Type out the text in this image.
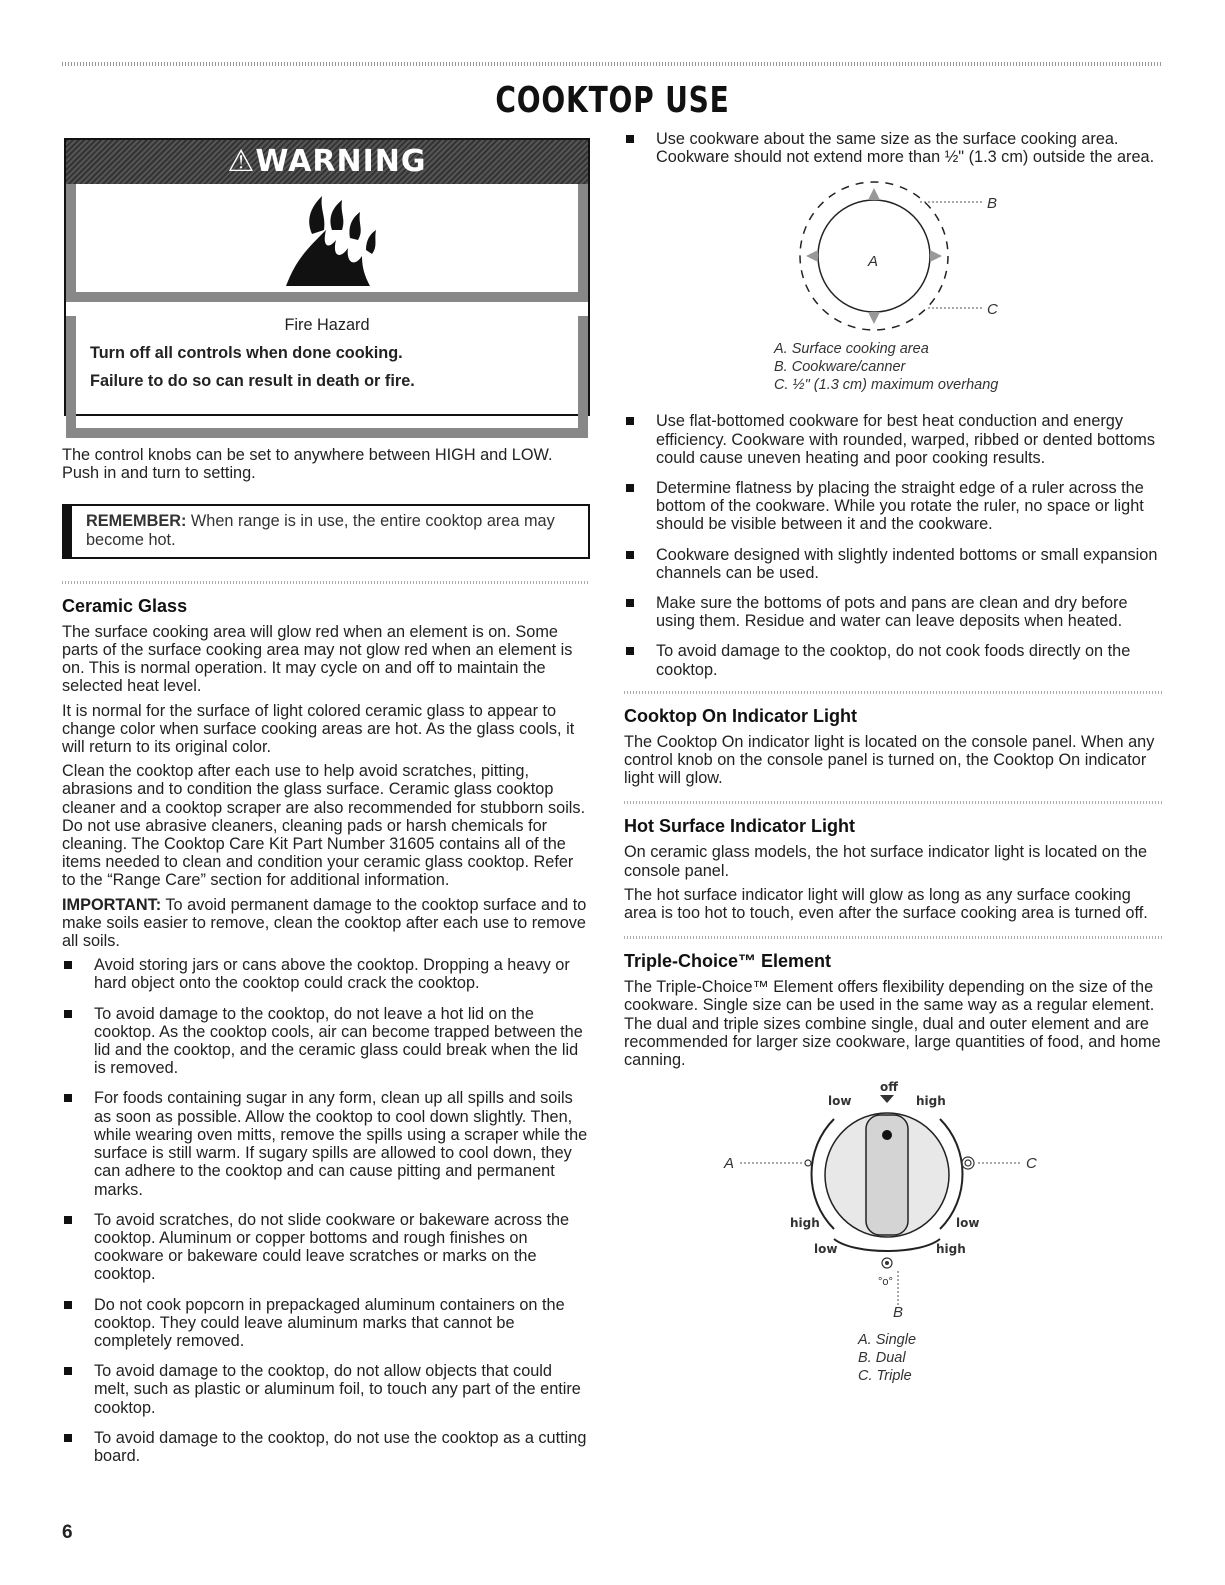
COOKTOP USE
⚠WARNING
Fire Hazard
Turn off all controls when done cooking.
Failure to do so can result in death or fire.

The control knobs can be set to anywhere between HIGH and LOW. Push in and turn to setting.

REMEMBER: When range is in use, the entire cooktop area may become hot.

Ceramic Glass

The surface cooking area will glow red when an element is on. Some parts of the surface cooking area may not glow red when an element is on. This is normal operation. It may cycle on and off to maintain the selected heat level.

It is normal for the surface of light colored ceramic glass to appear to change color when surface cooking areas are hot. As the glass cools, it will return to its original color.

Clean the cooktop after each use to help avoid scratches, pitting, abrasions and to condition the glass surface. Ceramic glass cooktop cleaner and a cooktop scraper are also recommended for stubborn soils. Do not use abrasive cleaners, cleaning pads or harsh chemicals for cleaning. The Cooktop Care Kit Part Number 31605 contains all of the items needed to clean and condition your ceramic glass cooktop. Refer to the “Range Care” section for additional information.

IMPORTANT: To avoid permanent damage to the cooktop surface and to make soils easier to remove, clean the cooktop after each use to remove all soils.

Avoid storing jars or cans above the cooktop. Dropping a heavy or hard object onto the cooktop could crack the cooktop.
To avoid damage to the cooktop, do not leave a hot lid on the cooktop. As the cooktop cools, air can become trapped between the lid and the cooktop, and the ceramic glass could break when the lid is removed.
For foods containing sugar in any form, clean up all spills and soils as soon as possible. Allow the cooktop to cool down slightly. Then, while wearing oven mitts, remove the spills using a scraper while the surface is still warm. If sugary spills are allowed to cool down, they can adhere to the cooktop and can cause pitting and permanent marks.
To avoid scratches, do not slide cookware or bakeware across the cooktop. Aluminum or copper bottoms and rough finishes on cookware or bakeware could leave scratches or marks on the cooktop.
Do not cook popcorn in prepackaged aluminum containers on the cooktop. They could leave aluminum marks that cannot be completely removed.
To avoid damage to the cooktop, do not allow objects that could melt, such as plastic or aluminum foil, to touch any part of the entire cooktop.
To avoid damage to the cooktop, do not use the cooktop as a cutting board.
Use cookware about the same size as the surface cooking area. Cookware should not extend more than ½" (1.3 cm) outside the area.
A
B
C
A. Surface cooking area
B. Cookware/canner
C. ½" (1.3 cm) maximum overhang
Use flat-bottomed cookware for best heat conduction and energy efficiency. Cookware with rounded, warped, ribbed or dented bottoms could cause uneven heating and poor cooking results.
Determine flatness by placing the straight edge of a ruler across the bottom of the cookware. While you rotate the ruler, no space or light should be visible between it and the cookware.
Cookware designed with slightly indented bottoms or small expansion channels can be used.
Make sure the bottoms of pots and pans are clean and dry before using them. Residue and water can leave deposits when heated.
To avoid damage to the cooktop, do not cook foods directly on the cooktop.
Cooktop On Indicator Light

The Cooktop On indicator light is located on the console panel. When any control knob on the console panel is turned on, the Cooktop On indicator light will glow.

Hot Surface Indicator Light

On ceramic glass models, the hot surface indicator light is located on the console panel.

The hot surface indicator light will glow as long as any surface cooking area is too hot to touch, even after the surface cooking area is turned off.

Triple-Choice™ Element

The Triple-Choice™ Element offers flexibility depending on the size of the cookware. Single size can be used in the same way as a regular element. The dual and triple sizes combine single, dual and outer element and are recommended for larger size cookware, large quantities of food, and home canning.

off
low	high
high	low
low	high
°o°
A	C
B
A. Single
B. Dual
C. Triple
6
